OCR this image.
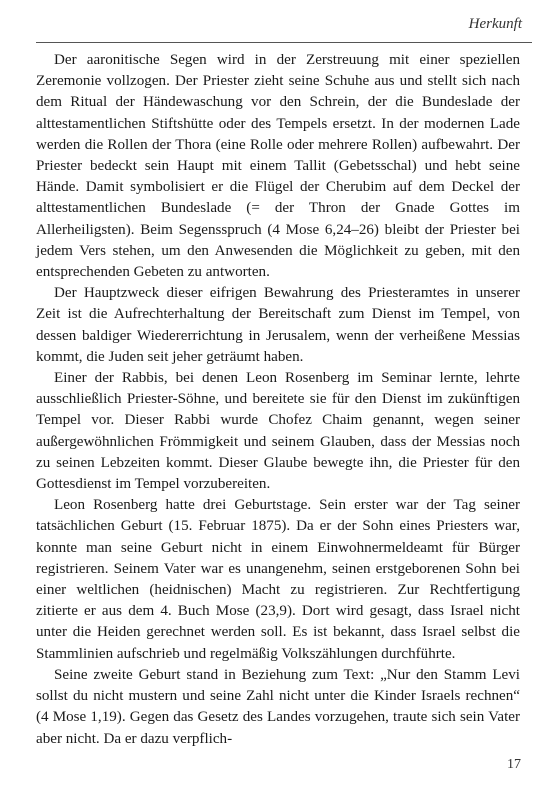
Herkunft

Der aaronitische Segen wird in der Zerstreuung mit einer speziellen Zeremonie vollzogen. Der Priester zieht seine Schuhe aus und stellt sich nach dem Ritual der Händewaschung vor den Schrein, der die Bundeslade der alttestamentlichen Stiftshütte oder des Tempels ersetzt. In der modernen Lade werden die Rollen der Thora (eine Rolle oder mehrere Rollen) aufbewahrt. Der Priester bedeckt sein Haupt mit einem Tallit (Gebetsschal) und hebt seine Hände. Damit symbolisiert er die Flügel der Cherubim auf dem Deckel der alttestamentlichen Bundeslade (= der Thron der Gnade Gottes im Allerheiligsten). Beim Segensspruch (4 Mose 6,24–26) bleibt der Priester bei jedem Vers stehen, um den Anwesenden die Möglichkeit zu geben, mit den entsprechenden Gebeten zu antworten.

Der Hauptzweck dieser eifrigen Bewahrung des Priesteramtes in unserer Zeit ist die Aufrechterhaltung der Bereitschaft zum Dienst im Tempel, von dessen baldiger Wiedererrichtung in Jerusalem, wenn der verheißene Messias kommt, die Juden seit jeher geträumt haben.

Einer der Rabbis, bei denen Leon Rosenberg im Seminar lernte, lehrte ausschließlich Priester-Söhne, und bereitete sie für den Dienst im zukünftigen Tempel vor. Dieser Rabbi wurde Chofez Chaim genannt, wegen seiner außergewöhnlichen Frömmigkeit und seinem Glauben, dass der Messias noch zu seinen Lebzeiten kommt. Dieser Glaube bewegte ihn, die Priester für den Gottesdienst im Tempel vorzubereiten.

Leon Rosenberg hatte drei Geburtstage. Sein erster war der Tag seiner tatsächlichen Geburt (15. Februar 1875). Da er der Sohn eines Priesters war, konnte man seine Geburt nicht in einem Einwohnermeldeamt für Bürger registrieren. Seinem Vater war es unangenehm, seinen erstgeborenen Sohn bei einer weltlichen (heidnischen) Macht zu registrieren. Zur Rechtfertigung zitierte er aus dem 4. Buch Mose (23,9). Dort wird gesagt, dass Israel nicht unter die Heiden gerechnet werden soll. Es ist bekannt, dass Israel selbst die Stammlinien aufschrieb und regelmäßig Volkszählungen durchführte.

Seine zweite Geburt stand in Beziehung zum Text: „Nur den Stamm Levi sollst du nicht mustern und seine Zahl nicht unter die Kinder Israels rechnen“ (4 Mose 1,19). Gegen das Gesetz des Landes vorzugehen, traute sich sein Vater aber nicht. Da er dazu verpflich-

17
